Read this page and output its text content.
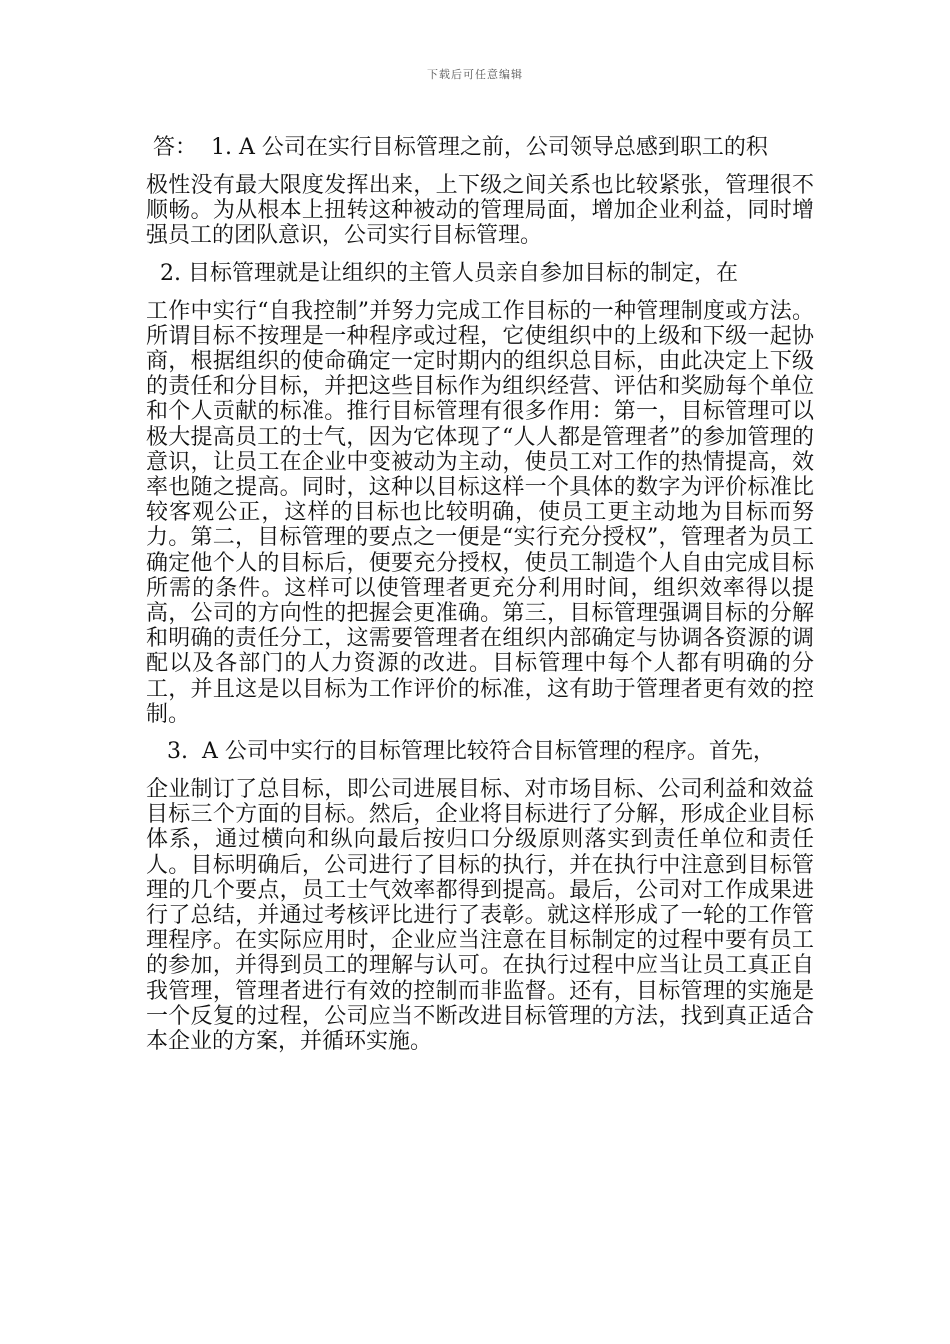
下载后可任意编辑
答：  1. A 公司在实行目标管理之前，公司领导总感到职工的积

极性没有最大限度发挥出来，上下级之间关系也比较紧张，管理很不顺畅。为从根本上扭转这种被动的管理局面，增加企业利益，同时增强员工的团队意识，公司实行目标管理。

2. 目标管理就是让组织的主管人员亲自参加目标的制定，在

工作中实行“自我控制”并努力完成工作目标的一种管理制度或方法。所谓目标不按理是一种程序或过程，它使组织中的上级和下级一起协商，根据组织的使命确定一定时期内的组织总目标，由此决定上下级的责任和分目标，并把这些目标作为组织经营、评估和奖励每个单位和个人贡献的标准。推行目标管理有很多作用：第一，目标管理可以极大提高员工的士气，因为它体现了“人人都是管理者”的参加管理的意识，让员工在企业中变被动为主动，使员工对工作的热情提高，效率也随之提高。同时，这种以目标这样一个具体的数字为评价标准比较客观公正，这样的目标也比较明确，使员工更主动地为目标而努力。第二，目标管理的要点之一便是“实行充分授权”，管理者为员工确定他个人的目标后，便要充分授权，使员工制造个人自由完成目标所需的条件。这样可以使管理者更充分利用时间，组织效率得以提高，公司的方向性的把握会更准确。第三，目标管理强调目标的分解和明确的责任分工，这需要管理者在组织内部确定与协调各资源的调配以及各部门的人力资源的改进。目标管理中每个人都有明确的分工，并且这是以目标为工作评价的标准，这有助于管理者更有效的控制。

3.  A 公司中实行的目标管理比较符合目标管理的程序。首先，

企业制订了总目标，即公司进展目标、对市场目标、公司利益和效益目标三个方面的目标。然后，企业将目标进行了分解，形成企业目标体系，通过横向和纵向最后按归口分级原则落实到责任单位和责任人。目标明确后，公司进行了目标的执行，并在执行中注意到目标管理的几个要点，员工士气效率都得到提高。最后，公司对工作成果进行了总结，并通过考核评比进行了表彰。就这样形成了一轮的工作管理程序。在实际应用时，企业应当注意在目标制定的过程中要有员工的参加，并得到员工的理解与认可。在执行过程中应当让员工真正自我管理，管理者进行有效的控制而非监督。还有，目标管理的实施是一个反复的过程，公司应当不断改进目标管理的方法，找到真正适合本企业的方案，并循环实施。
